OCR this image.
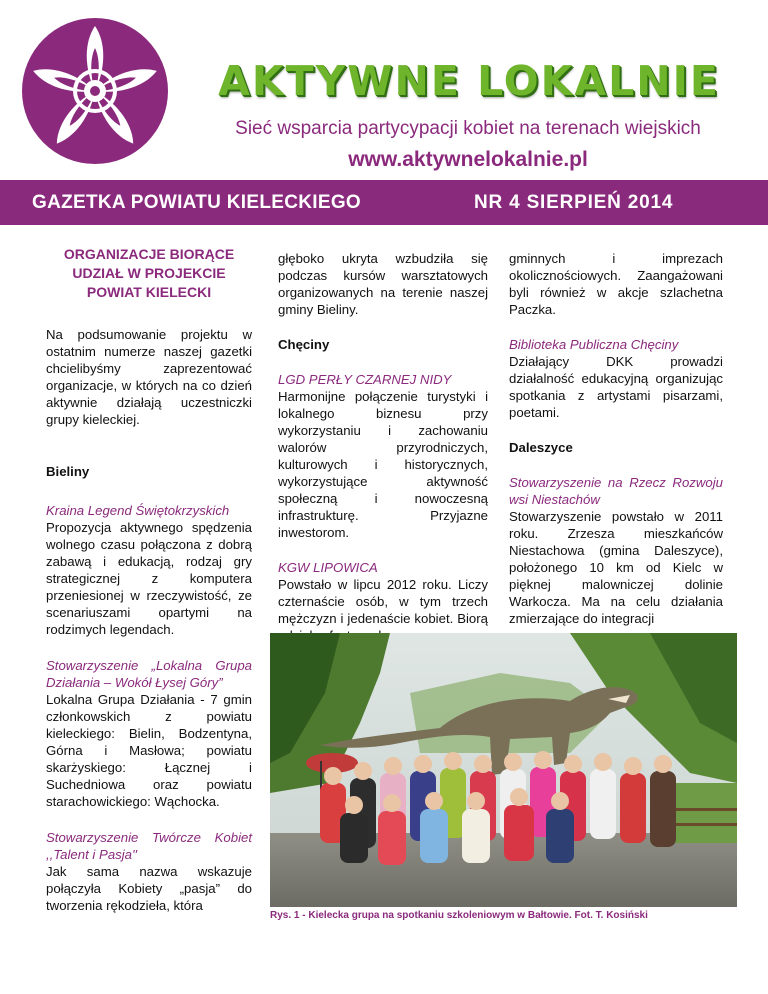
AKTYWNE LOKALNIE
Sieć wsparcia partycypacji kobiet na terenach wiejskich
www.aktywnelokalnie.pl
GAZETKA POWIATU KIELECKIEGO	NR 4 SIERPIEŃ 2014

ORGANIZACJE BIORĄCE UDZIAŁ W PROJEKCIE POWIAT KIELECKI

Na podsumowanie projektu w ostatnim numerze naszej gazetki chcielibyśmy zaprezentować organizacje, w których na co dzień aktywnie działają uczestniczki grupy kieleckiej.

Bieliny

Kraina Legend Świętokrzyskich

Propozycja aktywnego spędzenia wolnego czasu połączona z dobrą zabawą i edukacją, rodzaj gry strategicznej z komputera przeniesionej w rzeczywistość, ze scenariuszami opartymi na rodzimych legendach.

Stowarzyszenie „Lokalna Grupa Działania – Wokół Łysej Góry”

Lokalna Grupa Działania - 7 gmin członkowskich z powiatu kieleckiego: Bielin, Bodzentyna, Górna i Masłowa; powiatu skarżyskiego: Łącznej i Suchedniowa oraz powiatu starachowickiego: Wąchocka.

Stowarzyszenie Twórcze Kobiet ,,Talent i Pasja''

Jak sama nazwa wskazuje połączyła Kobiety „pasja” do tworzenia rękodzieła, która

głęboko ukryta wzbudziła się podczas kursów warsztatowych organizowanych na terenie naszej gminy Bieliny.

Chęciny

LGD PERŁY CZARNEJ NIDY

Harmonijne połączenie turystyki i lokalnego biznesu przy wykorzystaniu i zachowaniu walorów przyrodniczych, kulturowych i historycznych, wykorzystujące aktywność społeczną i nowoczesną infrastrukturę. Przyjazne inwestorom.

KGW LIPOWICA

Powstało w lipcu 2012 roku. Liczy czternaście osób, w tym trzech mężczyzn i jedenaście kobiet. Biorą

gminnych i imprezach okolicznościowych. Zaangażowani byli również w akcje szlachetna Paczka.

Biblioteka Publiczna Chęciny

Działający DKK prowadzi działalność edukacyjną organizując spotkania z artystami pisarzami, poetami.

Daleszyce

Stowarzyszenie na Rzecz Rozwoju wsi Niestachów

Stowarzyszenie powstało w 2011 roku. Zrzesza mieszkańców Niestachowa (gmina Daleszyce), położonego 10 km od Kielc w pięknej malowniczej dolinie Warkocza. Ma na celu działania zmierzające do integracji

Rys. 1 - Kielecka grupa na spotkaniu szkoleniowym w Bałtowie. Fot. T. Kosiński
